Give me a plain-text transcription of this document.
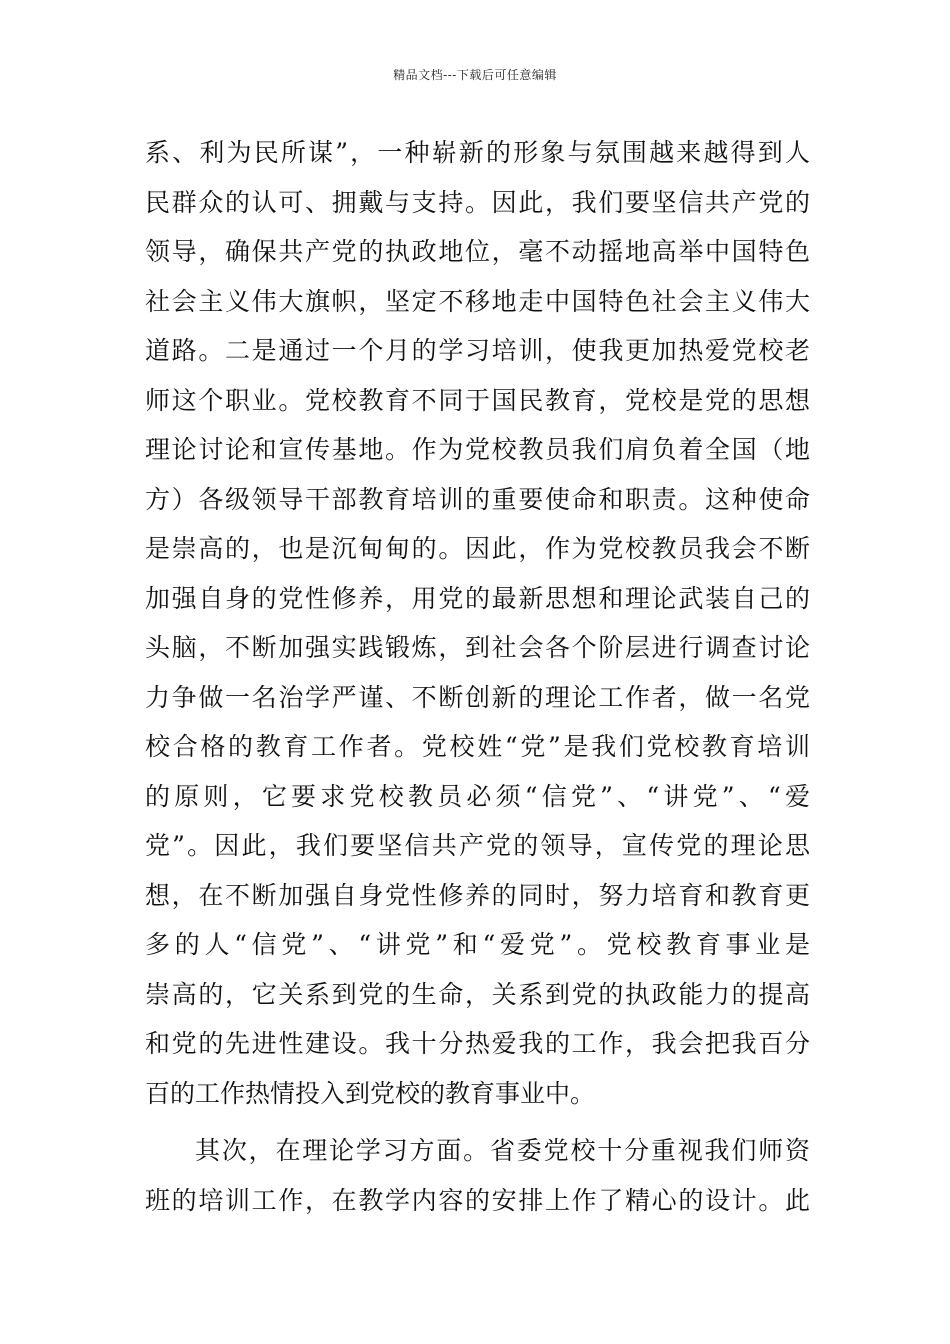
精品文档---下载后可任意编辑
系、利为民所谋”，一种崭新的形象与氛围越来越得到人
民群众的认可、拥戴与支持。因此，我们要坚信共产党的
领导，确保共产党的执政地位，毫不动摇地高举中国特色
社会主义伟大旗帜，坚定不移地走中国特色社会主义伟大
道路。二是通过一个月的学习培训，使我更加热爱党校老
师这个职业。党校教育不同于国民教育，党校是党的思想
理论讨论和宣传基地。作为党校教员我们肩负着全国（地
方）各级领导干部教育培训的重要使命和职责。这种使命
是崇高的，也是沉甸甸的。因此，作为党校教员我会不断
加强自身的党性修养，用党的最新思想和理论武装自己的
头脑，不断加强实践锻炼，到社会各个阶层进行调查讨论
力争做一名治学严谨、不断创新的理论工作者，做一名党
校合格的教育工作者。党校姓“党”是我们党校教育培训
的原则，它要求党校教员必须“信党”、“讲党”、“爱
党”。因此，我们要坚信共产党的领导，宣传党的理论思
想，在不断加强自身党性修养的同时，努力培育和教育更
多的人“信党”、“讲党”和“爱党”。党校教育事业是
崇高的，它关系到党的生命，关系到党的执政能力的提高
和党的先进性建设。我十分热爱我的工作，我会把我百分
百的工作热情投入到党校的教育事业中。
其次，在理论学习方面。省委党校十分重视我们师资
班的培训工作，在教学内容的安排上作了精心的设计。此
